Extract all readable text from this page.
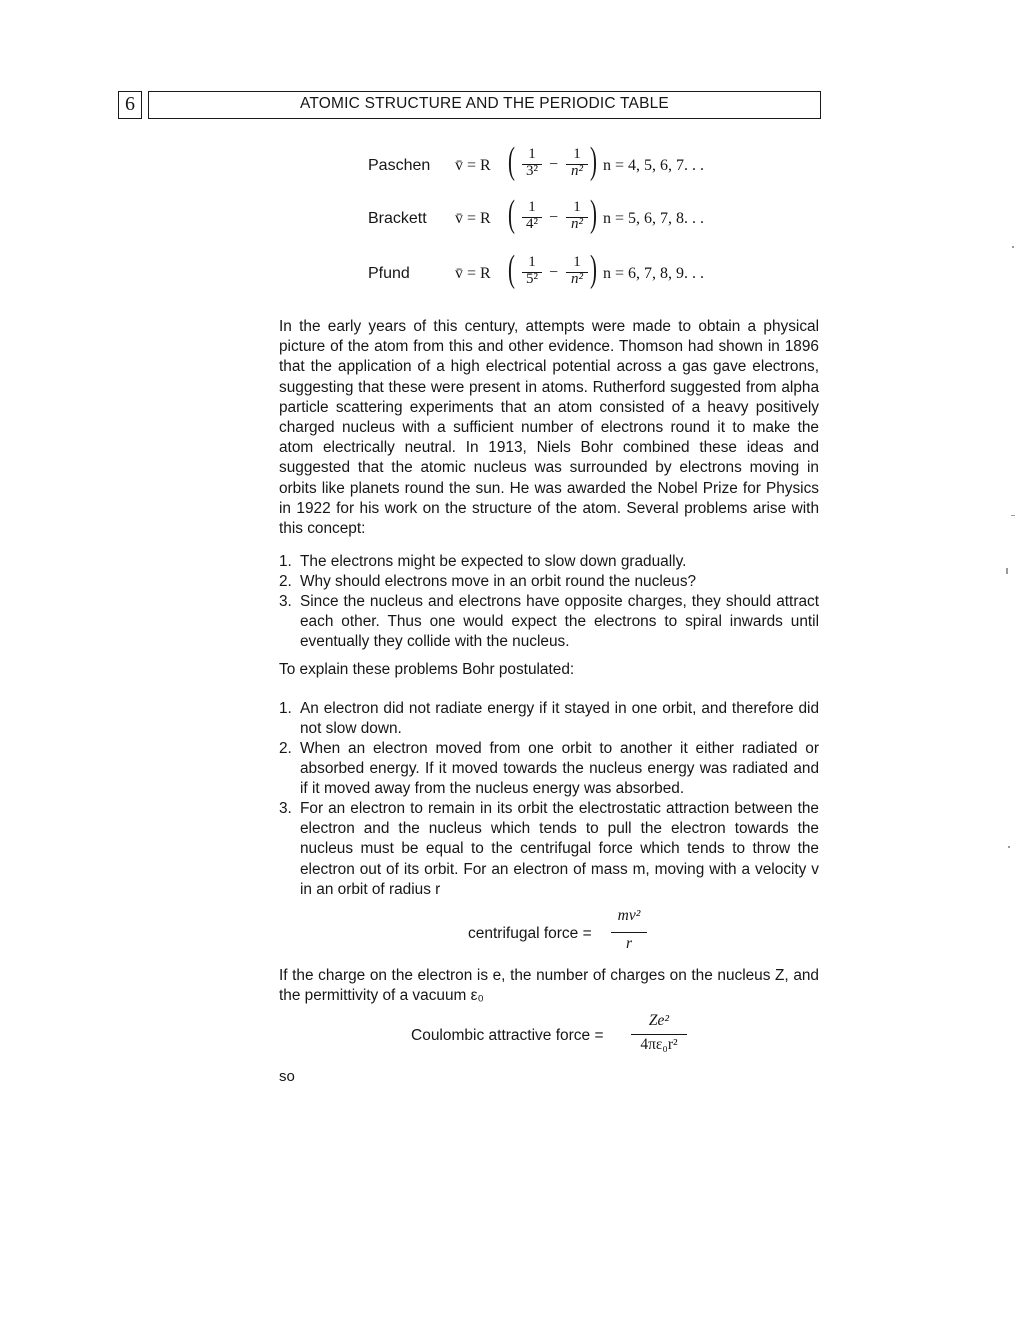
6	ATOMIC STRUCTURE AND THE PERIODIC TABLE
Paschen v̄ = R ( 1
3² −
1
n² ) n = 4, 5, 6, 7. . .
Brackett v̄ = R ( 1
4² −
1
n² ) n = 5, 6, 7, 8. . .
Pfund	v̄ = R ( 1
5² −
1
n² ) n = 6, 7, 8, 9. . .
In the early years of this century, attempts were made to obtain a physical picture of the atom from this and other evidence. Thomson had shown in 1896 that the application of a high electrical potential across a gas gave electrons, suggesting that these were present in atoms. Rutherford suggested from alpha particle scattering experiments that an atom consisted of a heavy positively charged nucleus with a sufficient number of electrons round it to make the atom electrically neutral. In 1913, Niels Bohr combined these ideas and suggested that the atomic nucleus was surrounded by electrons moving in orbits like planets round the sun. He was awarded the Nobel Prize for Physics in 1922 for his work on the structure of the atom. Several problems arise with this concept:
1. The electrons might be expected to slow down gradually.
2. Why should electrons move in an orbit round the nucleus?
3. Since the nucleus and electrons have opposite charges, they should attract each other. Thus one would expect the electrons to spiral inwards until eventually they collide with the nucleus.
To explain these problems Bohr postulated:
1. An electron did not radiate energy if it stayed in one orbit, and therefore did not slow down.
2. When an electron moved from one orbit to another it either radiated or absorbed energy. If it moved towards the nucleus energy was radiated and if it moved away from the nucleus energy was absorbed.
3. For an electron to remain in its orbit the electrostatic attraction between the electron and the nucleus which tends to pull the electron towards the nucleus must be equal to the centrifugal force which tends to throw the electron out of its orbit. For an electron of mass m, moving with a velocity v in an orbit of radius r
centrifugal force =
mv²
r
If the charge on the electron is e, the number of charges on the nucleus Z, and the permittivity of a vacuum ε₀
Coulombic attractive force =
Ze²
4πε₀r²
so
